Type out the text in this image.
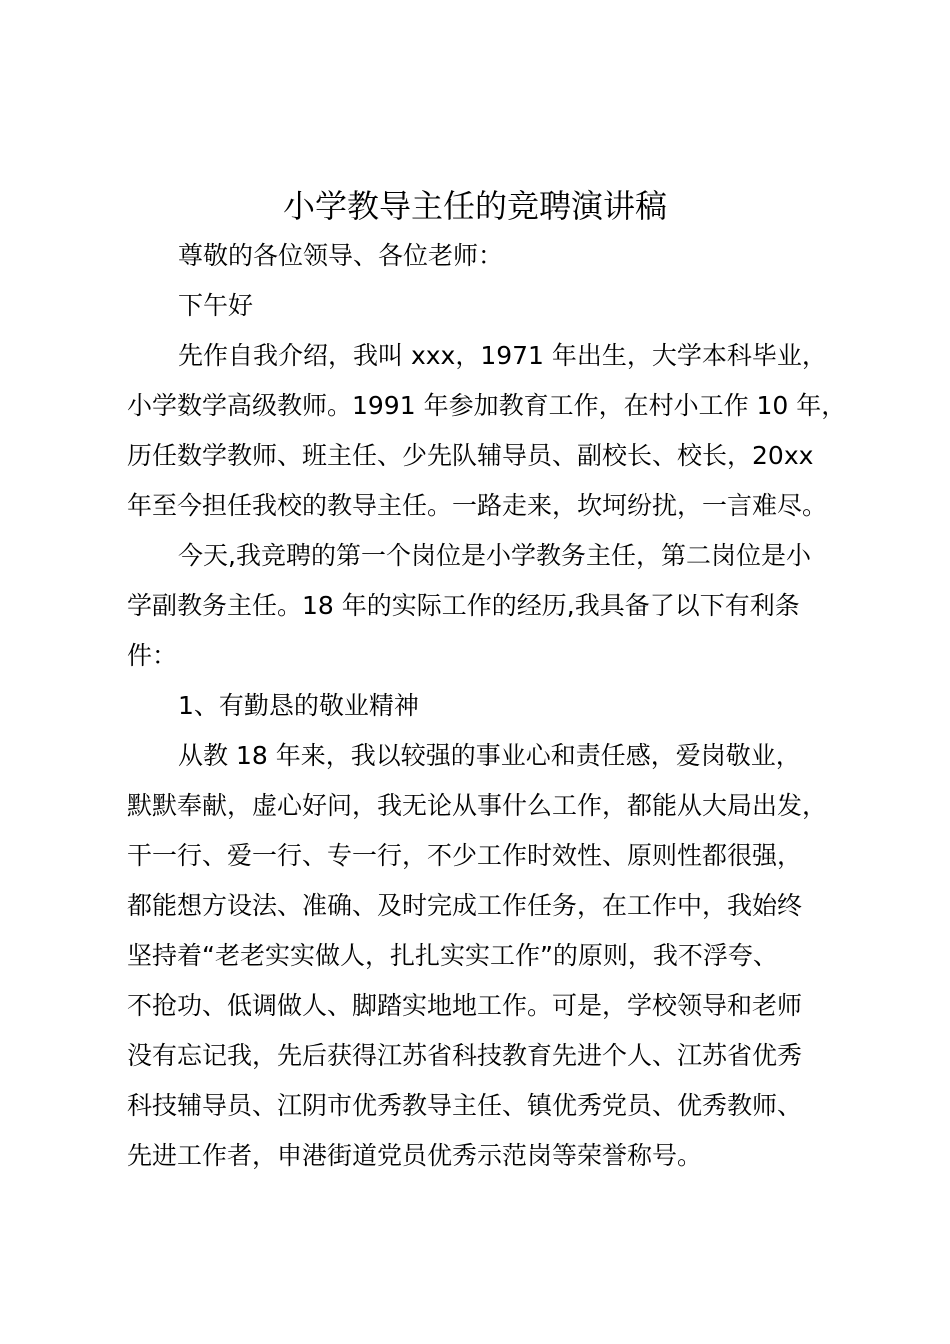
小学教导主任的竞聘演讲稿
尊敬的各位领导、各位老师：
下午好
先作自我介绍，我叫 xxx，1971 年出生，大学本科毕业，
小学数学高级教师。1991 年参加教育工作，在村小工作 10 年，
历任数学教师、班主任、少先队辅导员、副校长、校长，20xx
年至今担任我校的教导主任。一路走来，坎坷纷扰，一言难尽。
今天,我竞聘的第一个岗位是小学教务主任，第二岗位是小
学副教务主任。18 年的实际工作的经历,我具备了以下有利条
件：
1、有勤恳的敬业精神
从教 18 年来，我以较强的事业心和责任感，爱岗敬业，
默默奉献，虚心好问，我无论从事什么工作，都能从大局出发，
干一行、爱一行、专一行，不少工作时效性、原则性都很强，
都能想方设法、准确、及时完成工作任务，在工作中，我始终
坚持着“老老实实做人，扎扎实实工作”的原则，我不浮夸、
不抢功、低调做人、脚踏实地地工作。可是，学校领导和老师
没有忘记我，先后获得江苏省科技教育先进个人、江苏省优秀
科技辅导员、江阴市优秀教导主任、镇优秀党员、优秀教师、
先进工作者，申港街道党员优秀示范岗等荣誉称号。
